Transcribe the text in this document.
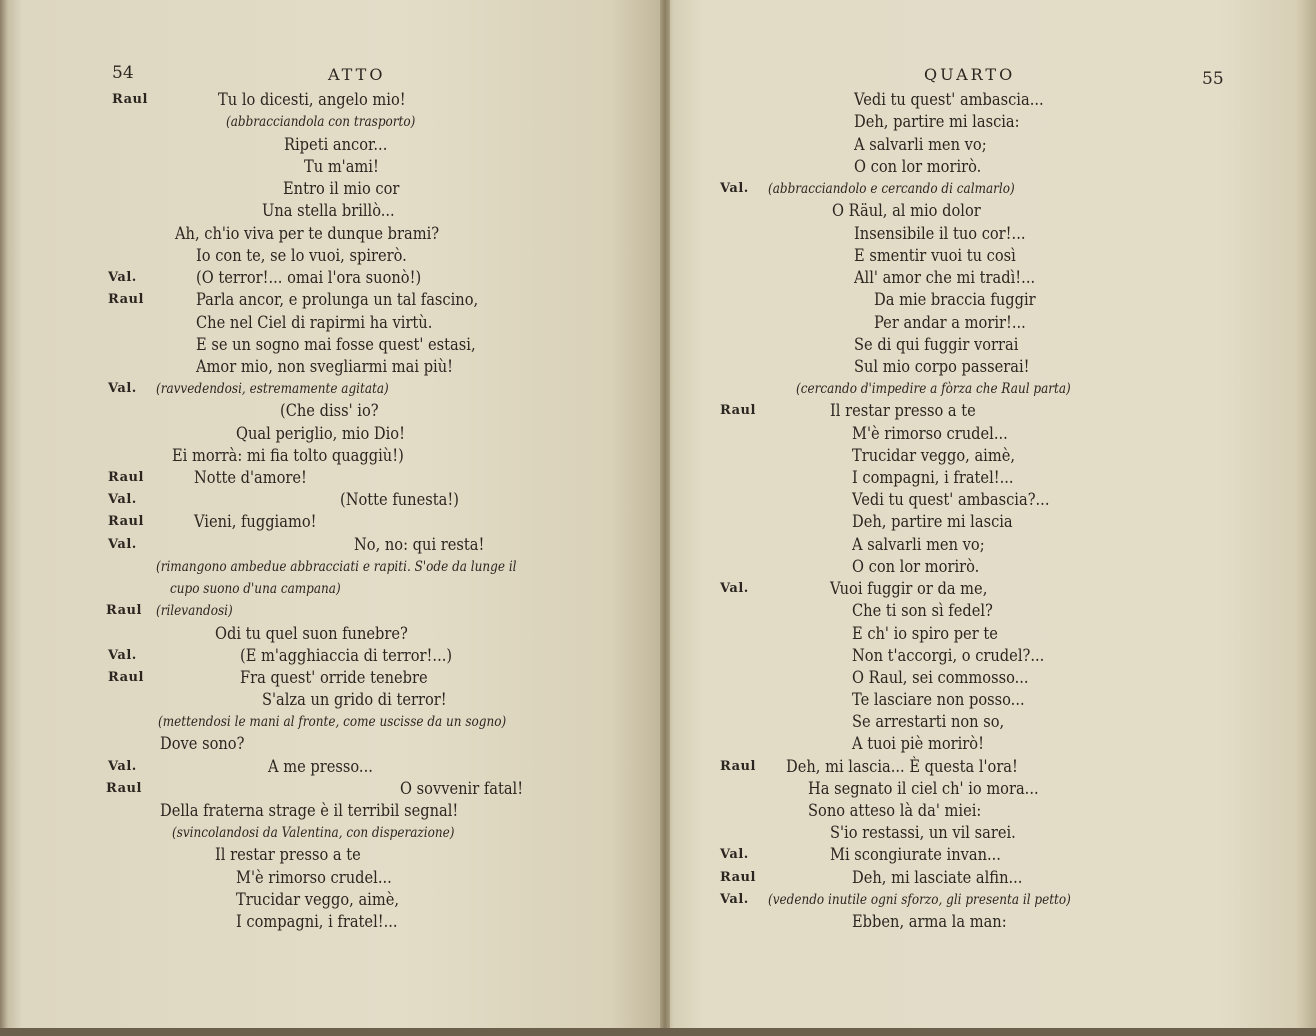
54	ATTO
Raul	Tu lo dicesti, angelo mio!
(abbracciandola con trasporto)
Ripeti ancor...
Tu m'ami!
Entro il mio cor
Una stella brillò...
Ah, ch'io viva per te dunque brami?
Io con te, se lo vuoi, spirerò.
Val.	(O terror!... omai l'ora suonò!)
Raul	Parla ancor, e prolunga un tal fascino,
Che nel Ciel di rapirmi ha virtù.
E se un sogno mai fosse quest' estasi,
Amor mio, non svegliarmi mai più!
Val. (ravvedendosi, estremamente agitata)
(Che diss' io?
Qual periglio, mio Dio!
Ei morrà: mi fia tolto quaggiù!)
Raul	Notte d'amore!
Val.	(Notte funesta!)
Raul	Vieni, fuggiamo!
Val.	No, no: qui resta!
(rimangono ambedue abbracciati e rapiti. S'ode da lunge il
cupo suono d'una campana)
Raul (rilevandosi)
Odi tu quel suon funebre?
Val.	(E m'agghiaccia di terror!...)
Raul	Fra quest' orride tenebre
S'alza un grido di terror!
(mettendosi le mani al fronte, come uscisse da un sogno)
Dove sono?
Val.	A me presso...
Raul	O sovvenir fatal!
Della fraterna strage è il terribil segnal!
(svincolandosi da Valentina, con disperazione)
Il restar presso a te
M'è rimorso crudel...
Trucidar veggo, aimè,
I compagni, i fratel!...
QUARTO	55
Vedi tu quest' ambascia...
Deh, partire mi lascia:
A salvarli men vo;
O con lor morirò.
Val. (abbracciandolo e cercando di calmarlo)
O Räul, al mio dolor
Insensibile il tuo cor!...
E smentir vuoi tu così
All' amor che mi tradì!...
Da mie braccia fuggir
Per andar a morir!...
Se di qui fuggir vorrai
Sul mio corpo passerai!
(cercando d'impedire a fòrza che Raul parta)
Raul	Il restar presso a te
M'è rimorso crudel...
Trucidar veggo, aimè,
I compagni, i fratel!...
Vedi tu quest' ambascia?...
Deh, partire mi lascia
A salvarli men vo;
O con lor morirò.
Val.	Vuoi fuggir or da me,
Che ti son sì fedel?
E ch' io spiro per te
Non t'accorgi, o crudel?...
O Raul, sei commosso...
Te lasciare non posso...
Se arrestarti non so,
A tuoi piè morirò!
Raul Deh, mi lascia... È questa l'ora!
Ha segnato il ciel ch' io mora...
Sono atteso là da' miei:
S'io restassi, un vil sarei.
Val.	Mi scongiurate invan...
Raul	Deh, mi lasciate alfin...
Val. (vedendo inutile ogni sforzo, gli presenta il petto)
Ebben, arma la man:
